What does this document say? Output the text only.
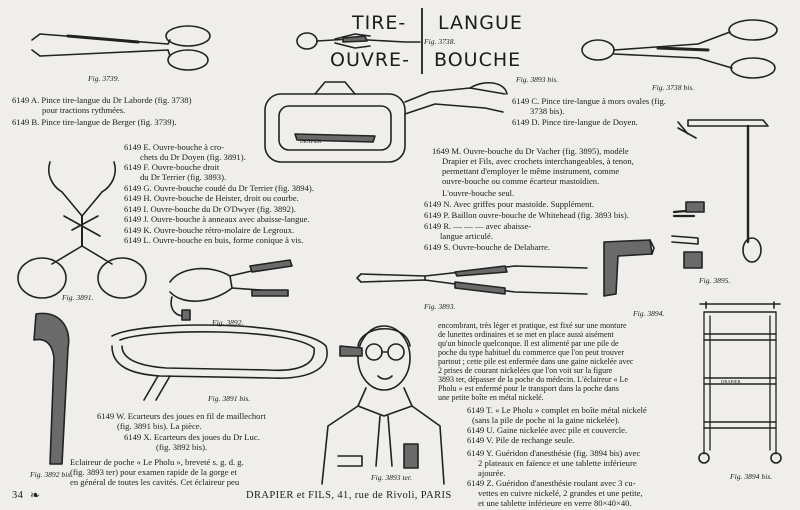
TIRE- LANGUE
OUVRE- BOUCHE
Fig. 3738.
Fig. 3739.
6149 A. Pince tire-langue du Dr Laborde (fig. 3738)
pour tractions rythmées.
6149 B. Pince tire-langue de Berger (fig. 3739).
DRAPIER
Fig. 3893 bis.
Fig. 3738 bis.
6149 C. Pince tire-langue à mors ovales (fig.
3738 bis).
6149 D. Pince tire-langue de Doyen.
Fig. 3895.
Fig. 3891.
6149 E. Ouvre-bouche à cro-
chets du Dr Doyen (fig. 3891).
6149 F. Ouvre-bouche droit
du Dr Terrier (fig. 3893).
6149 G. Ouvre-bouche coudé du Dr Terrier (fig. 3894).
6149 H. Ouvre-bouche de Heister, droit ou courbe.
6149 I. Ouvre-bouche du Dr O'Dwyer (fig. 3892).
6149 J. Ouvre-bouche à anneaux avec abaisse-langue.
6149 K. Ouvre-bouche rétro-molaire de Legroux.
6149 L. Ouvre-bouche en buis, forme conique à vis.
1649 M. Ouvre-bouche du Dr Vacher (fig. 3895), modèle
Drapier et Fils, avec crochets interchangeables, à tenon,
permettant d'employer le même instrument, comme
ouvre-bouche ou comme écarteur mastoïdien.
L'ouvre-bouche seul.
6149 N. Avec griffes pour mastoïde. Supplément.
6149 P. Baillon ouvre-bouche de Whitehead (fig. 3893 bis).
6149 R. — — — avec abaisse-
langue articulé.
6149 S. Ouvre-bouche de Delabarre.
Fig. 3892.
Fig. 3893.
Fig. 3894.
Fig. 3892 bis.
Fig. 3891 bis.
6149 W. Ecarteurs des joues en fil de maillechort
(fig. 3891 bis). La pièce.
6149 X. Ecarteurs des joues du Dr Luc.
(fig. 3892 bis).
Eclaireur de poche « Le Pholu », breveté s. g. d. g.
(fig. 3893 ter) pour examen rapide de la gorge et
en général de toutes les cavités. Cet éclaireur peu	Fig. 3893 ter.
encombrant, très léger et pratique, est fixé sur une monture
de lunettes ordinaires et se met en place aussi aisément
qu'un binocle quelconque. Il est alimenté par une pile de
poche du type habituel du commerce que l'on peut trouver
partout ; cette pile est enfermée dans une gaine nickelée avec
2 prises de courant nickelées que l'on voit sur la figure
3893 ter, dépasser de la poche du médecin. L'éclaireur « Le
Pholu » est enfermé pour le transport dans la poche dans
une petite boîte en métal nickelé.
6149 T. « Le Pholu » complet en boîte métal nickelé
(sans la pile de poche ni la gaine nickelée).
6149 U. Gaine nickelée avec pile et couvercle.
6149 V. Pile de rechange seule.
6149 Y. Guéridon d'anesthésie (fig. 3894 bis) avec
2 plateaux en faïence et une tablette inférieure
ajourée.
6149 Z. Guéridon d'anesthésie roulant avec 3 cu-
vettes en cuivre nickelé, 2 grandes et une petite,
et une tablette inférieure en verre 80×40×40.
DRAPIER
Fig. 3894 bis.
34 ❧	DRAPIER et FILS, 41, rue de Rivoli, PARIS
